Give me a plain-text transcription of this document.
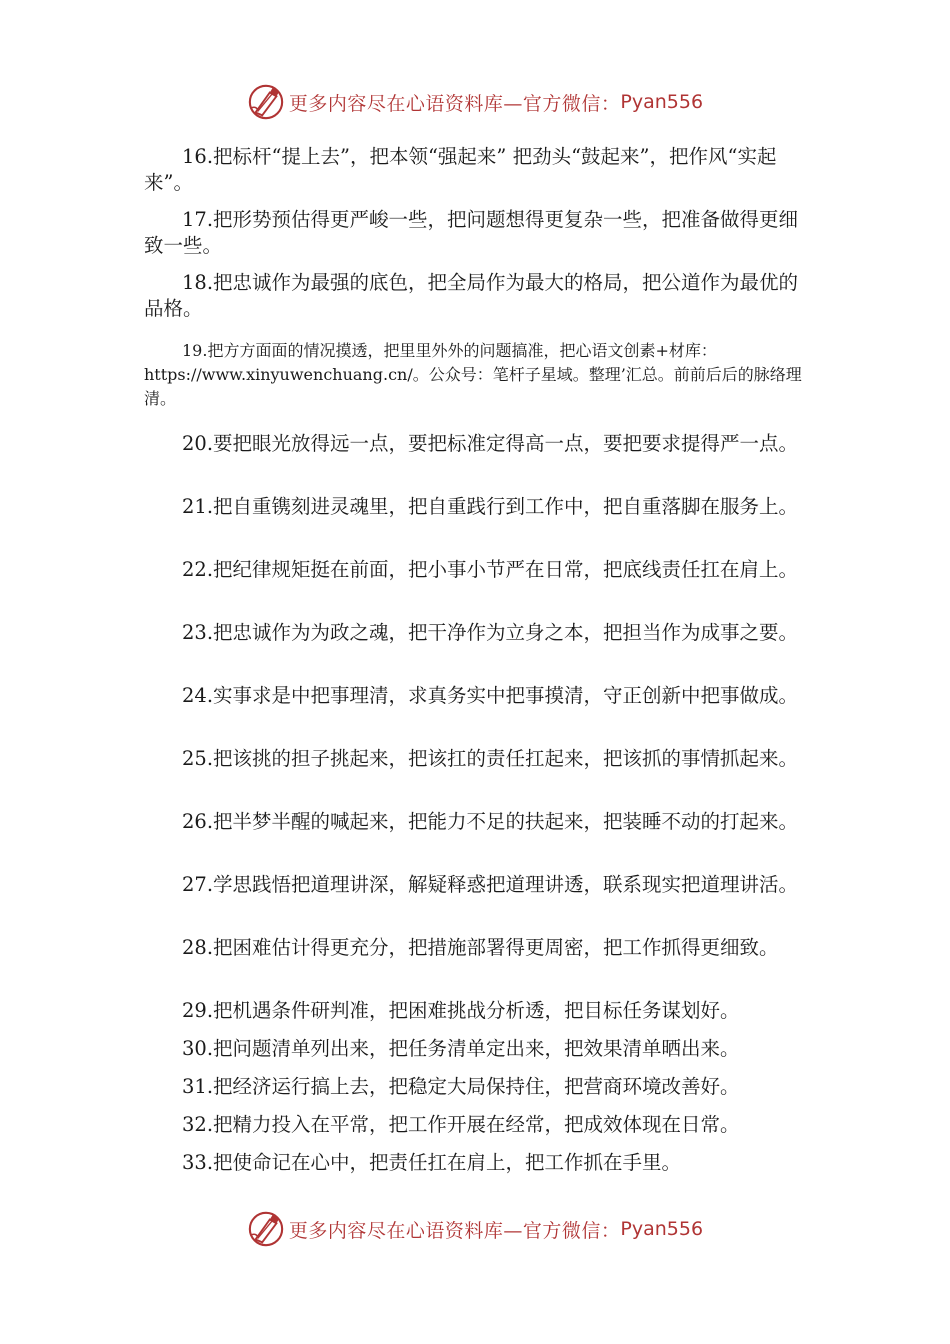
更多内容尽在心语资料库—官方微信： Pyan556

16.把标杆“提上去”，把本领“强起来” 把劲头“鼓起来”，把作风“实起来”。

17.把形势预估得更严峻一些，把问题想得更复杂一些，把准备做得更细致一些。

18.把忠诚作为最强的底色，把全局作为最大的格局，把公道作为最优的品格。

19.把方方面面的情况摸透，把里里外外的问题搞准，把心语文创素+材库：https://www.xinyuwenchuang.cn/。公众号：笔杆子星域。整理’汇总。前前后后的脉络理清。

20.要把眼光放得远一点，要把标准定得高一点，要把要求提得严一点。

21.把自重镌刻进灵魂里，把自重践行到工作中，把自重落脚在服务上。

22.把纪律规矩挺在前面，把小事小节严在日常，把底线责任扛在肩上。

23.把忠诚作为为政之魂，把干净作为立身之本，把担当作为成事之要。

24.实事求是中把事理清，求真务实中把事摸清，守正创新中把事做成。

25.把该挑的担子挑起来，把该扛的责任扛起来，把该抓的事情抓起来。

26.把半梦半醒的喊起来，把能力不足的扶起来，把装睡不动的打起来。

27.学思践悟把道理讲深，解疑释惑把道理讲透，联系现实把道理讲活。

28.把困难估计得更充分，把措施部署得更周密，把工作抓得更细致。

29.把机遇条件研判准，把困难挑战分析透，把目标任务谋划好。

30.把问题清单列出来，把任务清单定出来，把效果清单晒出来。

31.把经济运行搞上去，把稳定大局保持住，把营商环境改善好。

32.把精力投入在平常，把工作开展在经常，把成效体现在日常。

33.把使命记在心中，把责任扛在肩上，把工作抓在手里。

更多内容尽在心语资料库—官方微信： Pyan556
